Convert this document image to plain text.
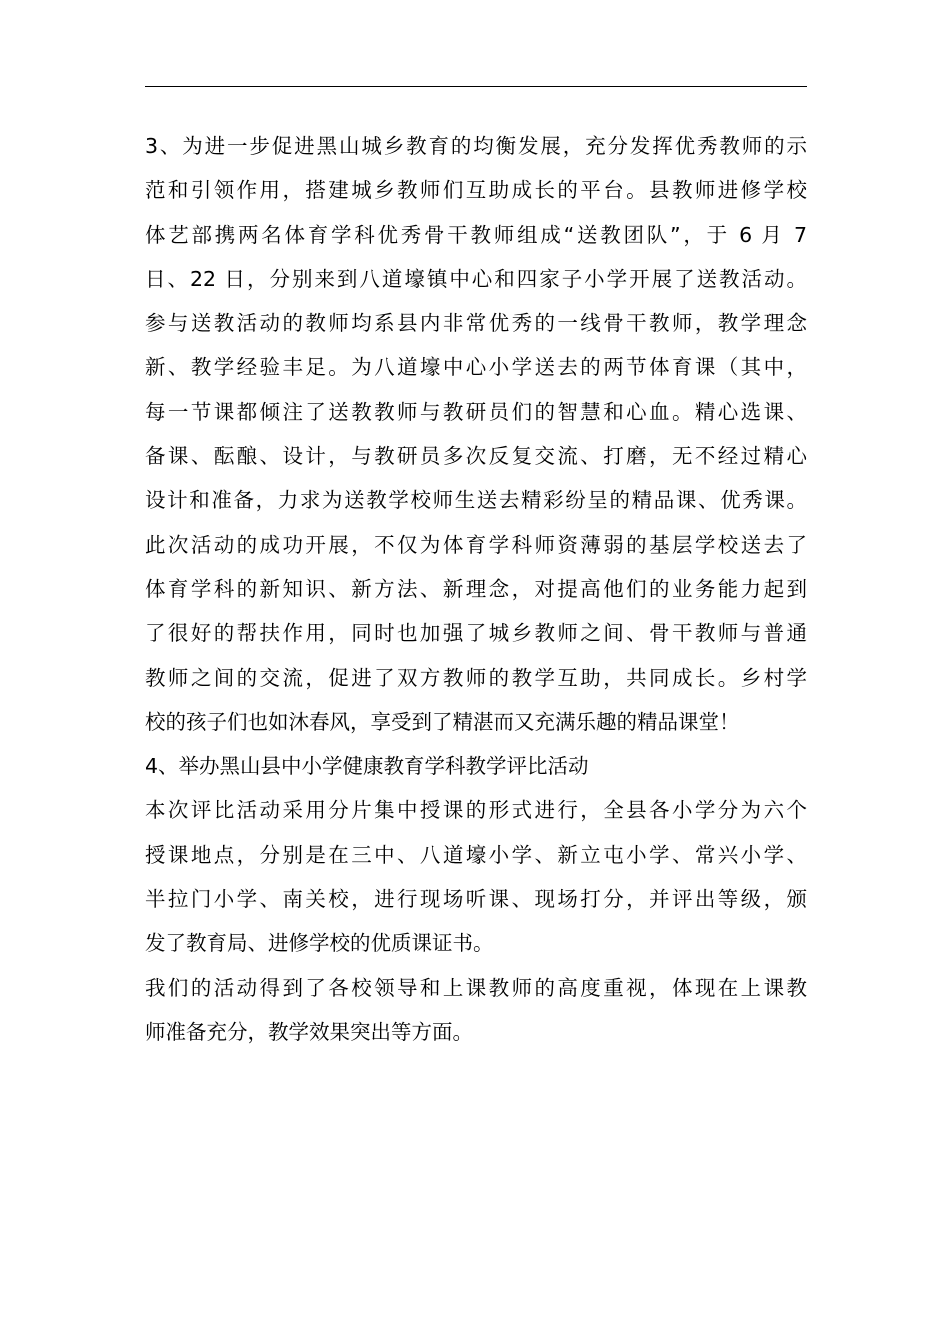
3、为进一步促进黑山城乡教育的均衡发展，充分发挥优秀教师的示
范和引领作用，搭建城乡教师们互助成长的平台。县教师进修学校
体艺部携两名体育学科优秀骨干教师组成“送教团队”，于 6 月 7
日、22 日，分别来到八道壕镇中心和四家子小学开展了送教活动。
参与送教活动的教师均系县内非常优秀的一线骨干教师，教学理念
新、教学经验丰足。为八道壕中心小学送去的两节体育课（其中，
每一节课都倾注了送教教师与教研员们的智慧和心血。精心选课、
备课、酝酿、设计，与教研员多次反复交流、打磨，无不经过精心
设计和准备，力求为送教学校师生送去精彩纷呈的精品课、优秀课。
此次活动的成功开展，不仅为体育学科师资薄弱的基层学校送去了
体育学科的新知识、新方法、新理念，对提高他们的业务能力起到
了很好的帮扶作用，同时也加强了城乡教师之间、骨干教师与普通
教师之间的交流，促进了双方教师的教学互助，共同成长。乡村学
校的孩子们也如沐春风，享受到了精湛而又充满乐趣的精品课堂！
4、举办黑山县中小学健康教育学科教学评比活动
本次评比活动采用分片集中授课的形式进行，全县各小学分为六个
授课地点，分别是在三中、八道壕小学、新立屯小学、常兴小学、
半拉门小学、南关校，进行现场听课、现场打分，并评出等级，颁
发了教育局、进修学校的优质课证书。
我们的活动得到了各校领导和上课教师的高度重视，体现在上课教
师准备充分，教学效果突出等方面。
